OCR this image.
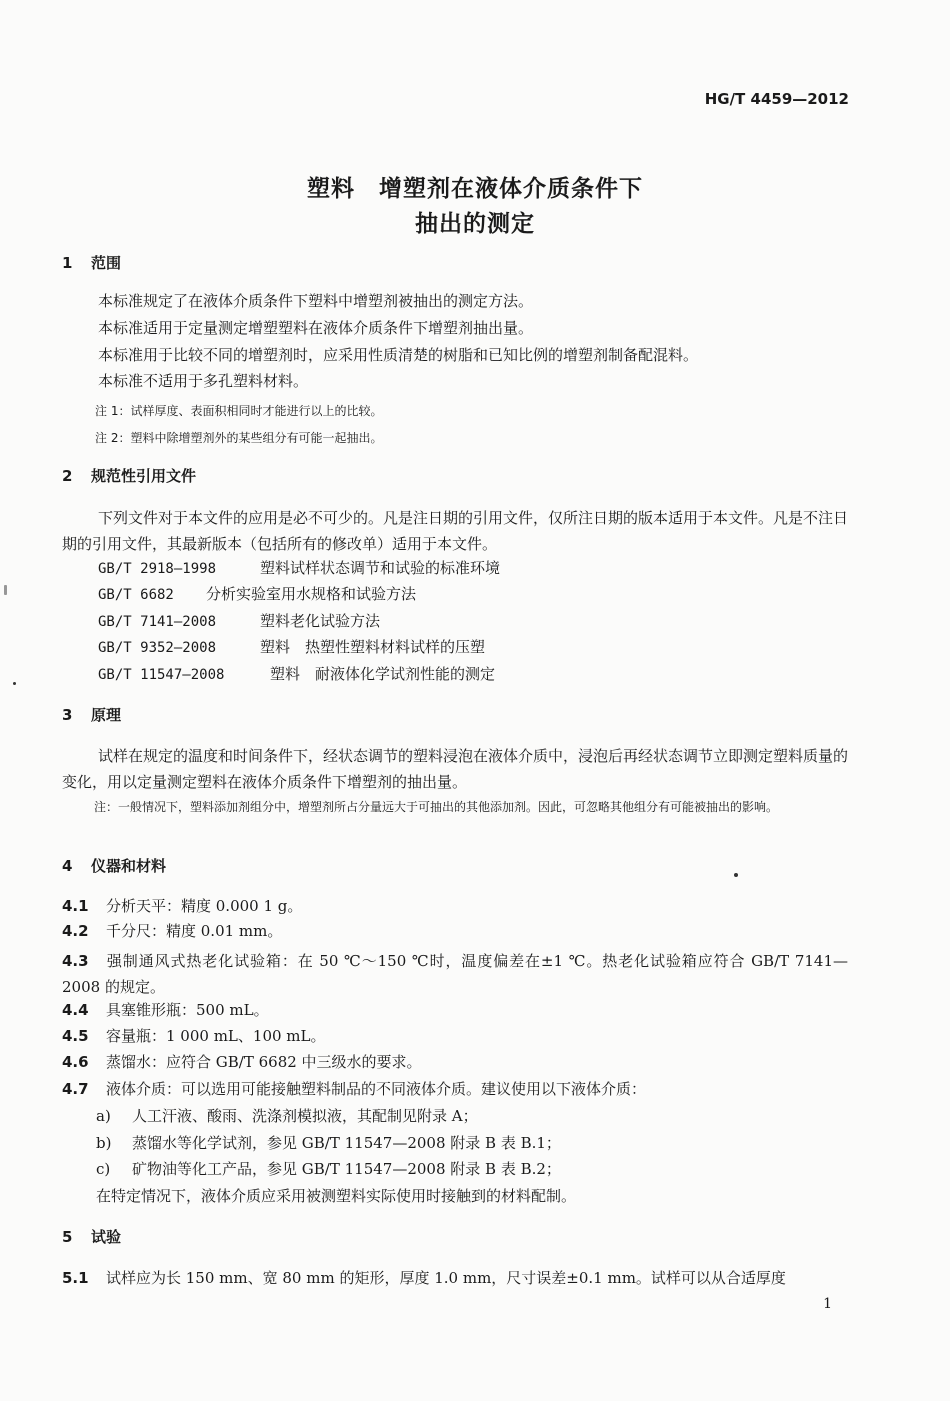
HG/T 4459—2012
塑料　增塑剂在液体介质条件下
抽出的测定
1 范围
本标准规定了在液体介质条件下塑料中增塑剂被抽出的测定方法。
本标准适用于定量测定增塑塑料在液体介质条件下增塑剂抽出量。
本标准用于比较不同的增塑剂时，应采用性质清楚的树脂和已知比例的增塑剂制备配混料。
本标准不适用于多孔塑料材料。
注 1：试样厚度、表面积相同时才能进行以上的比较。
注 2：塑料中除增塑剂外的某些组分有可能一起抽出。
2 规范性引用文件
下列文件对于本文件的应用是必不可少的。凡是注日期的引用文件，仅所注日期的版本适用于本文件。凡是不注日期的引用文件，其最新版本（包括所有的修改单）适用于本文件。
GB/T 2918—1998	塑料试样状态调节和试验的标准环境
GB/T 6682 分析实验室用水规格和试验方法
GB/T 7141—2008	塑料老化试验方法
GB/T 9352—2008	塑料　热塑性塑料材料试样的压塑
GB/T 11547—2008	塑料　耐液体化学试剂性能的测定
3 原理
试样在规定的温度和时间条件下，经状态调节的塑料浸泡在液体介质中，浸泡后再经状态调节立即测定塑料质量的变化，用以定量测定塑料在液体介质条件下增塑剂的抽出量。
注：一般情况下，塑料添加剂组分中，增塑剂所占分量远大于可抽出的其他添加剂。因此，可忽略其他组分有可能被抽出的影响。
4 仪器和材料
4.1 分析天平：精度 0.000 1 g。
4.2 千分尺：精度 0.01 mm。
4.3 强制通风式热老化试验箱：在 50 ℃～150 ℃时，温度偏差在±1 ℃。热老化试验箱应符合 GB/T 7141—2008 的规定。
4.4 具塞锥形瓶：500 mL。
4.5 容量瓶：1 000 mL、100 mL。
4.6 蒸馏水：应符合 GB/T 6682 中三级水的要求。
4.7 液体介质：可以选用可能接触塑料制品的不同液体介质。建议使用以下液体介质：
a) 人工汗液、酸雨、洗涤剂模拟液，其配制见附录 A；
b) 蒸馏水等化学试剂，参见 GB/T 11547—2008 附录 B 表 B.1；
c) 矿物油等化工产品，参见 GB/T 11547—2008 附录 B 表 B.2；
在特定情况下，液体介质应采用被测塑料实际使用时接触到的材料配制。
5 试验
5.1 试样应为长 150 mm、宽 80 mm 的矩形，厚度 1.0 mm，尺寸误差±0.1 mm。试样可以从合适厚度
1
